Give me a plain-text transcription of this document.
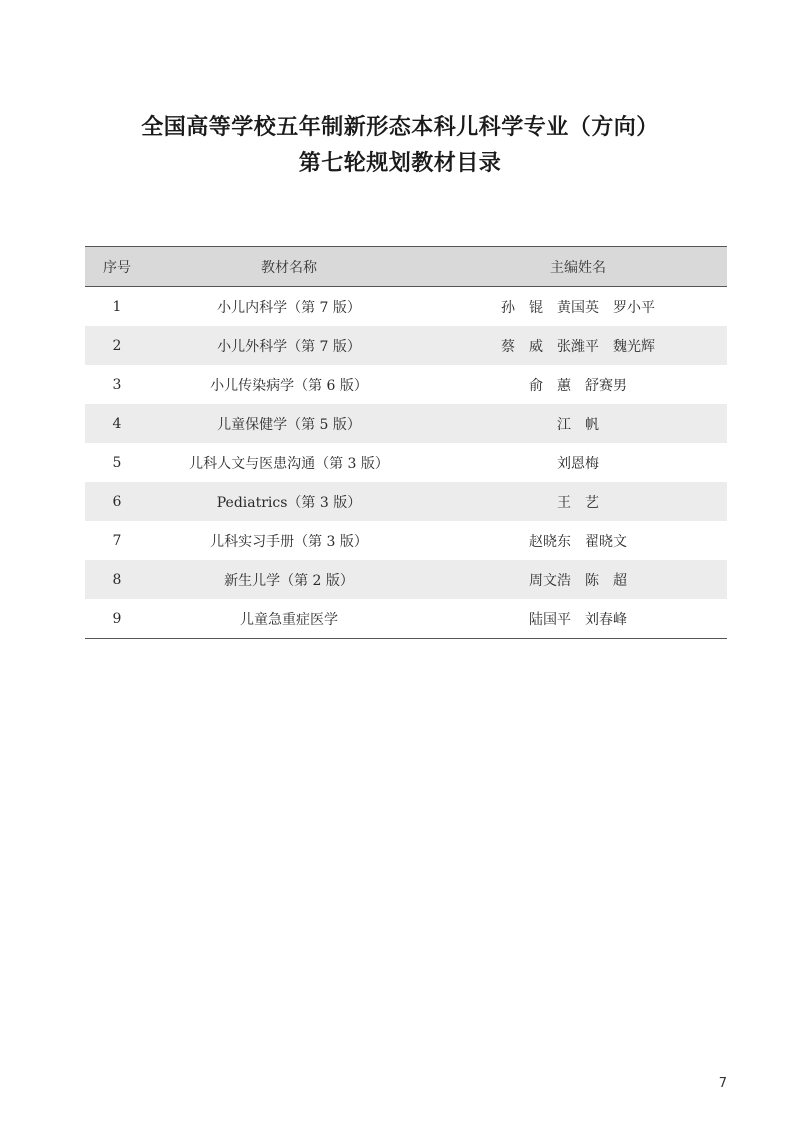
全国高等学校五年制新形态本科儿科学专业（方向）
第七轮规划教材目录
序号	教材名称	主编姓名
1	小儿内科学（第 7 版）	孙　锟　黄国英　罗小平
2	小儿外科学（第 7 版）	蔡　威　张潍平　魏光辉
3	小儿传染病学（第 6 版）	俞　蕙　舒赛男
4	儿童保健学（第 5 版）	江　帆
5	儿科人文与医患沟通（第 3 版）	刘恩梅
6	Pediatrics（第 3 版）	王　艺
7	儿科实习手册（第 3 版）	赵晓东　翟晓文
8	新生儿学（第 2 版）	周文浩　陈　超
9	儿童急重症医学	陆国平　刘春峰
7
